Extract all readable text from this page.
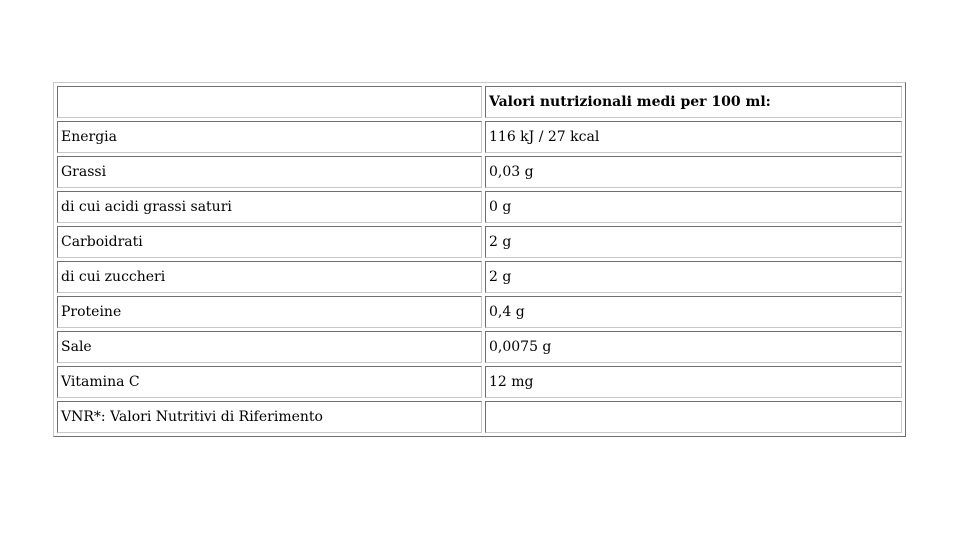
	Valori nutrizionali medi per 100 ml:
Energia	116 kJ / 27 kcal
Grassi	0,03 g
di cui acidi grassi saturi	0 g
Carboidrati	2 g
di cui zuccheri	2 g
Proteine	0,4 g
Sale	0,0075 g
Vitamina C	12 mg
VNR*: Valori Nutritivi di Riferimento	
